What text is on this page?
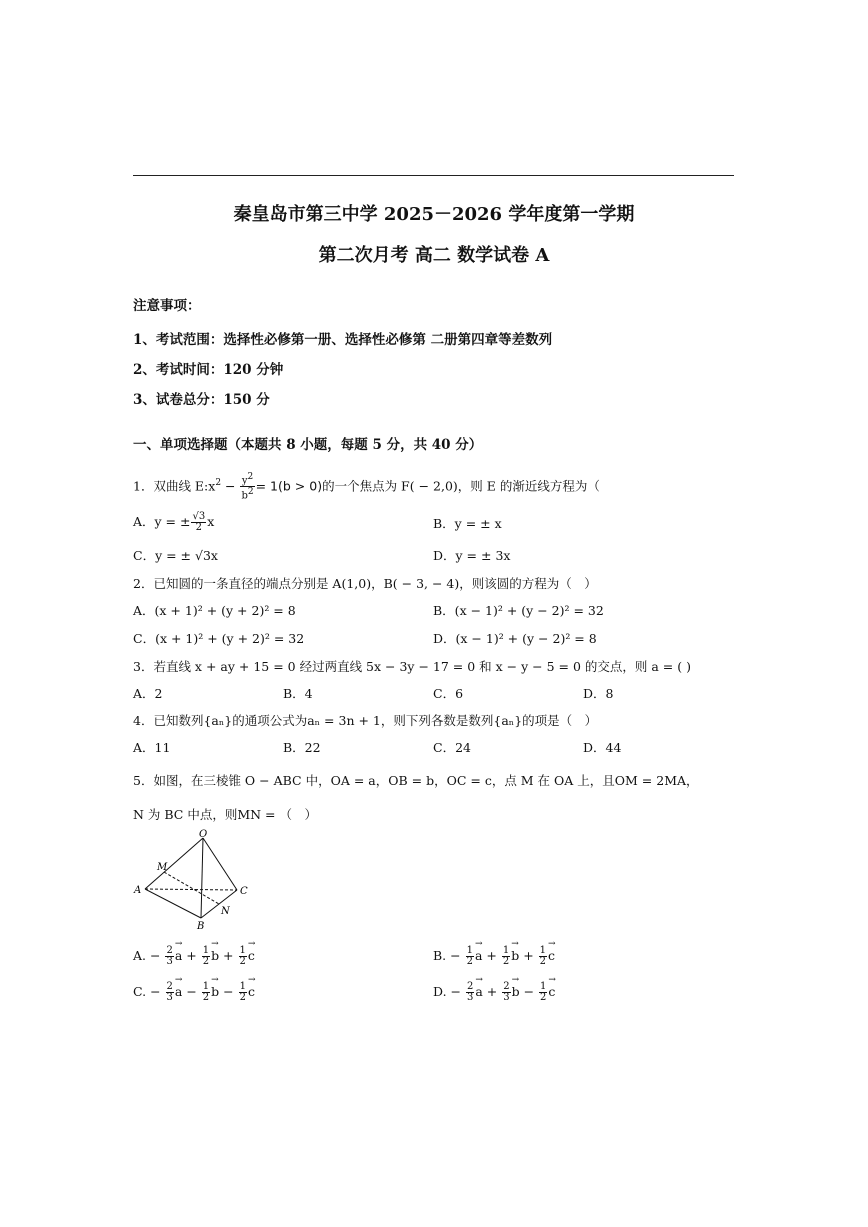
秦皇岛市第三中学 2025－2026 学年度第一学期
第二次月考 高二 数学试卷 A
注意事项：
1、考试范围：选择性必修第一册、选择性必修第 二册第四章等差数列
2、考试时间：120 分钟
3、试卷总分：150 分
一、单项选择题（本题共 8 小题，每题 5 分，共 40 分）
1．双曲线 $E:x^2 - \frac{y^2}{b^2} = 1(b > 0)$的一个焦点为 F( − 2,0)，则 E 的渐近线方程为（
A．y = ± $\frac{√3}{2}$ x	B．y = ± x
C．y = ± √3x	D．y = ± 3x
2．已知圆的一条直径的端点分别是 A(1,0)，B( − 3, − 4)，则该圆的方程为（　）
A．(x + 1)² + (y + 2)² = 8	B．(x − 1)² + (y − 2)² = 32
C．(x + 1)² + (y + 2)² = 32	D．(x − 1)² + (y − 2)² = 8
3．若直线 x + ay + 15 = 0 经过两直线 5x − 3y − 17 = 0 和 x − y − 5 = 0 的交点，则 a = ( )
A．2	B．4	C．6	D．8
4．已知数列{aₙ}的通项公式为aₙ = 3n + 1，则下列各数是数列{aₙ}的项是（　）
A．11	B．22	C．24	D．44
5．如图，在三棱锥 O − ABC 中，OA = a，OB = b，OC = c，点 M 在 OA 上，且OM = 2MA，
N 为 BC 中点，则MN = （　）
O
M
A	C
N
B
A. − $\frac{2}{3}$
→ $a + \frac{1}{2}$
→ $b + \frac{1}{2}$
→ c	B. − $\frac{1}{2}$
→ $a + \frac{1}{2}$
→ $b + \frac{1}{2}$
→ c
C. − $\frac{2}{3}$
→ $a - \frac{1}{2}$
→ $b - \frac{1}{2}$
→ c	D. − $\frac{2}{3}$
→ $a + \frac{2}{3}$
→ $b - \frac{1}{2}$
→ c
